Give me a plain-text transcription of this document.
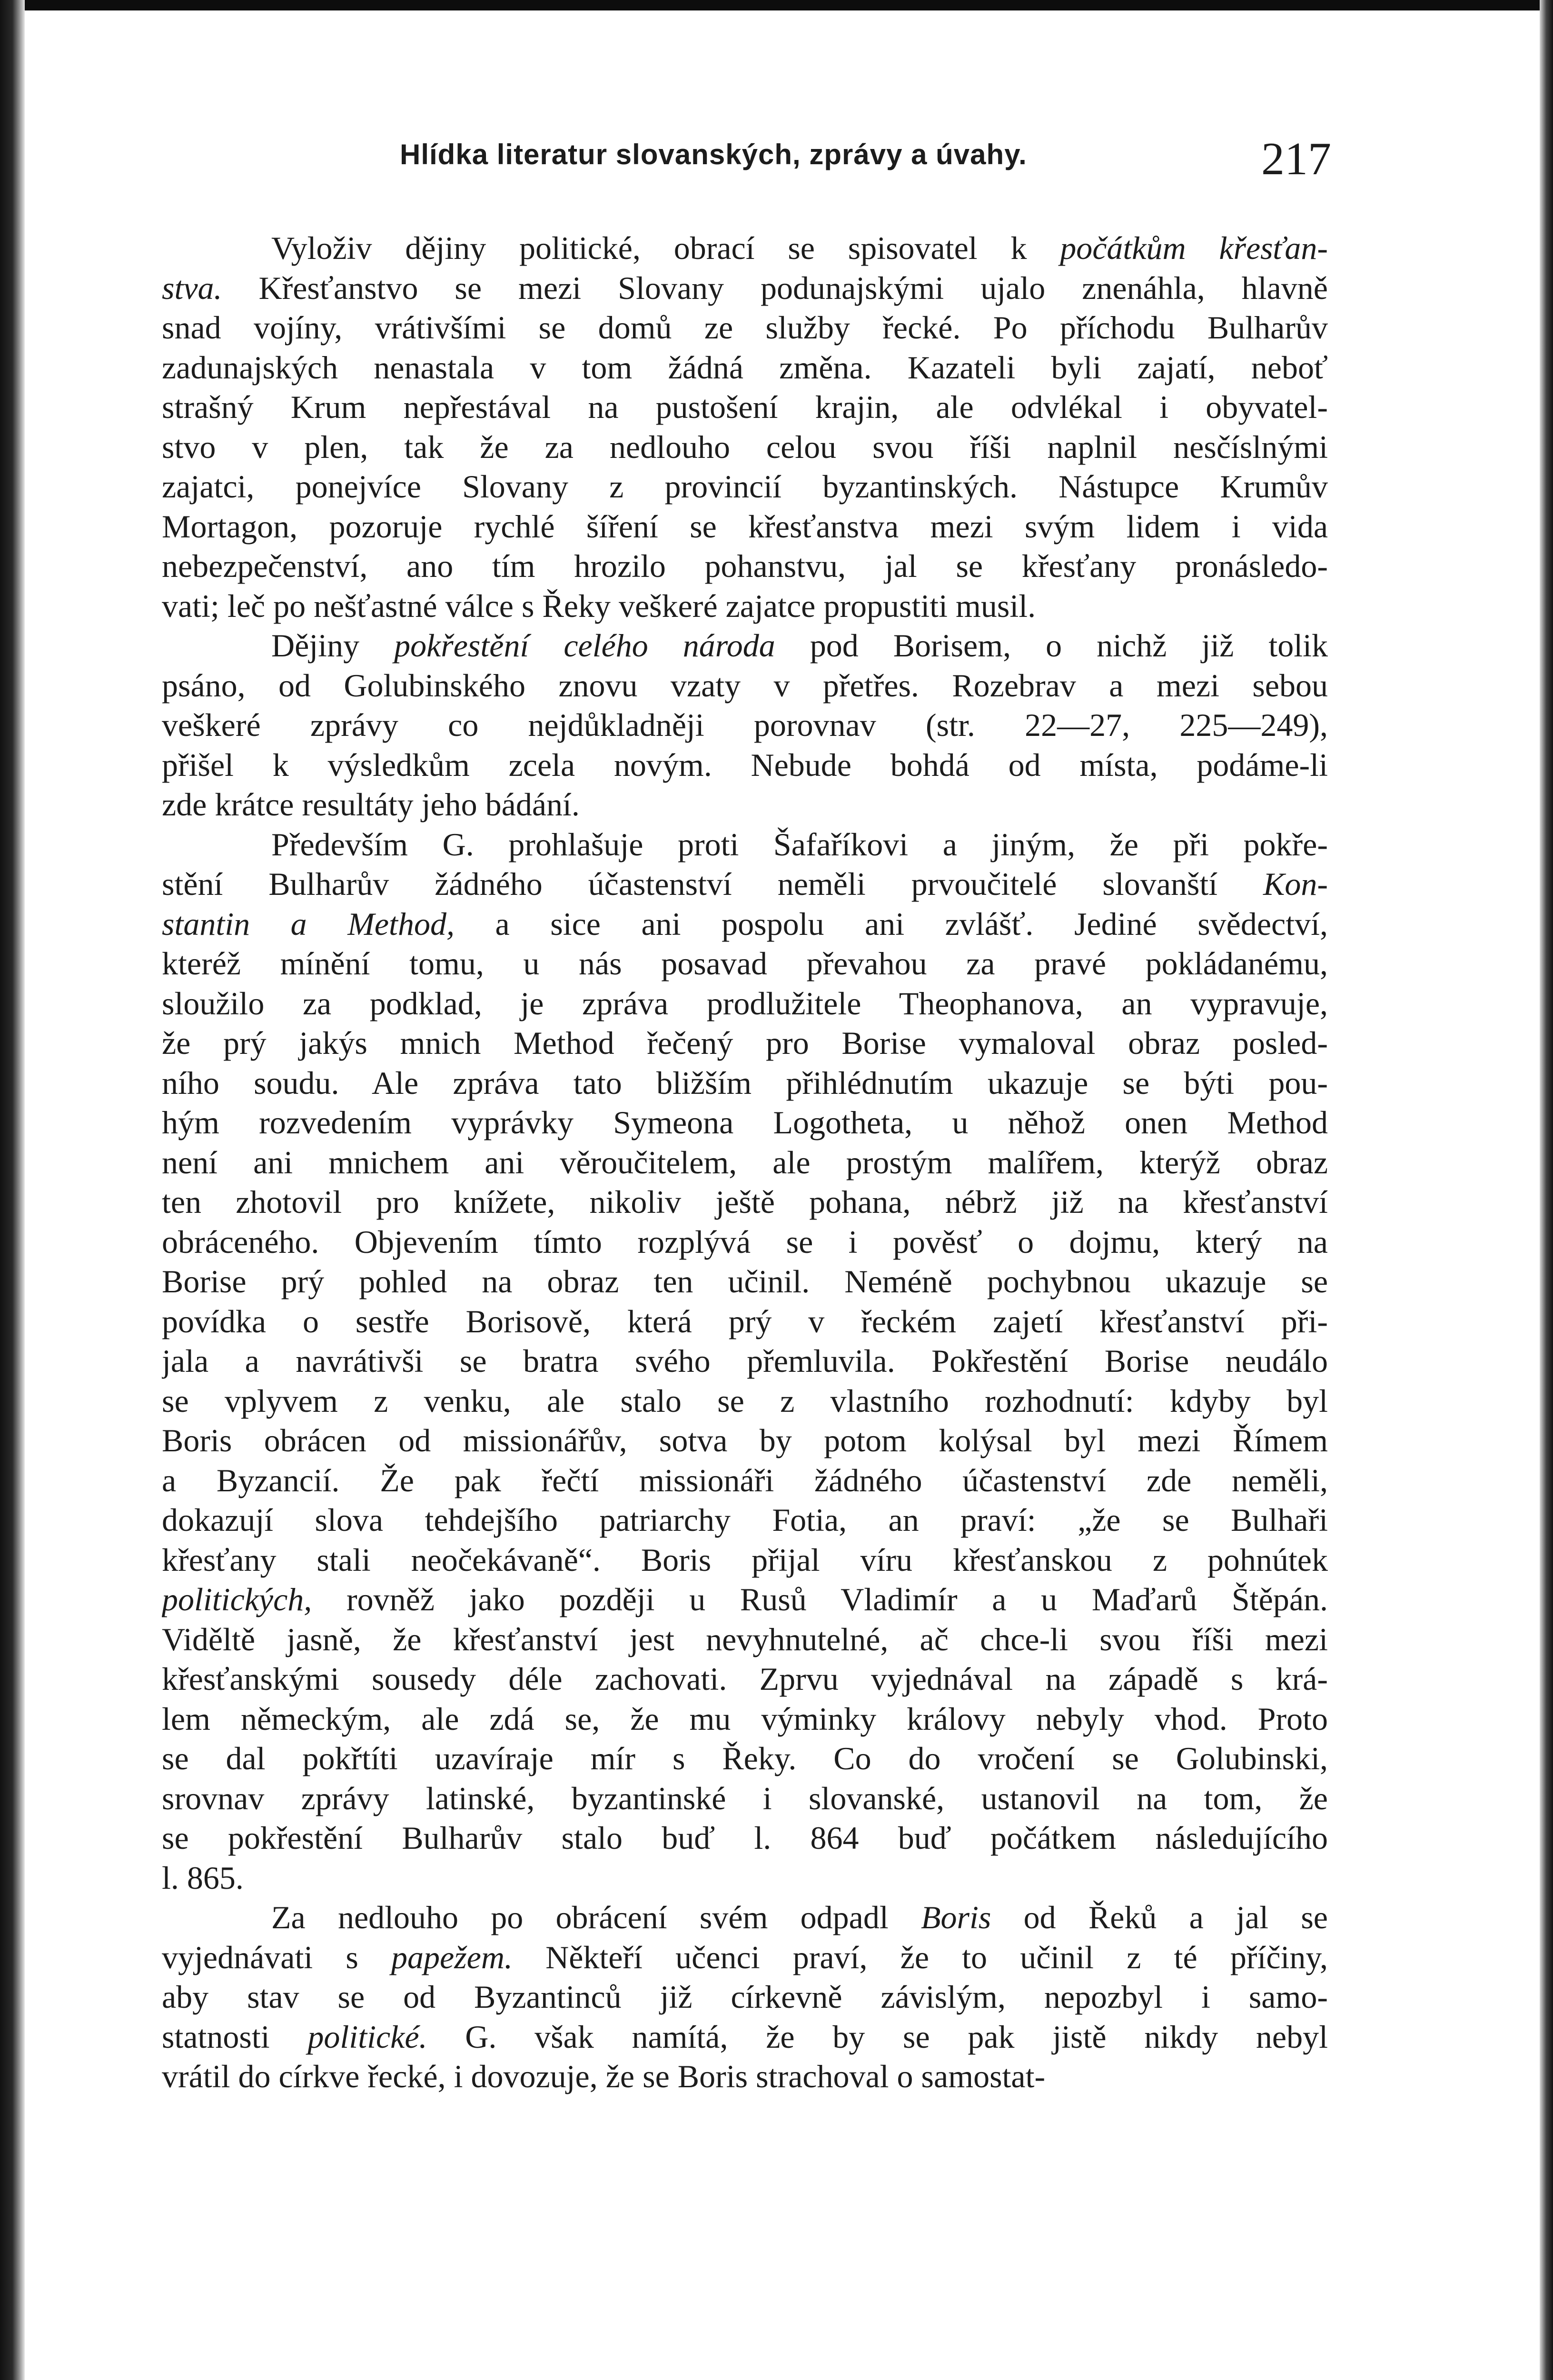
Hlídka literatur slovanských, zprávy a úvahy.	217
Vyloživ dějiny politické, obrací se spisovatel k počátkům křesťan-
stva. Křesťanstvo se mezi Slovany podunajskými ujalo znenáhla, hlavně
snad vojíny, vrátivšími se domů ze služby řecké. Po příchodu Bulharův
zadunajských nenastala v tom žádná změna. Kazateli byli zajatí, neboť
strašný Krum nepřestával na pustošení krajin, ale odvlékal i obyvatel-
stvo v plen, tak že za nedlouho celou svou říši naplnil nesčíslnými
zajatci, ponejvíce Slovany z provincií byzantinských. Nástupce Krumův
Mortagon, pozoruje rychlé šíření se křesťanstva mezi svým lidem i vida
nebezpečenství, ano tím hrozilo pohanstvu, jal se křesťany pronásledo-
vati; leč po nešťastné válce s Řeky veškeré zajatce propustiti musil.
Dějiny pokřestění celého národa pod Borisem, o nichž již tolik
psáno, od Golubinského znovu vzaty v přetřes. Rozebrav a mezi sebou
veškeré zprávy co nejdůkladněji porovnav (str. 22—27, 225—249),
přišel k výsledkům zcela novým. Nebude bohdá od místa, podáme-li
zde krátce resultáty jeho bádání.
Především G. prohlašuje proti Šafaříkovi a jiným, že při pokře-
stění Bulharův žádného účastenství neměli prvoučitelé slovanští Kon-
stantin a Method, a sice ani pospolu ani zvlášť. Jediné svědectví,
kteréž mínění tomu, u nás posavad převahou za pravé pokládanému,
sloužilo za podklad, je zpráva prodlužitele Theophanova, an vypravuje,
že prý jakýs mnich Method řečený pro Borise vymaloval obraz posled-
ního soudu. Ale zpráva tato bližším přihlédnutím ukazuje se býti pou-
hým rozvedením vyprávky Symeona Logotheta, u něhož onen Method
není ani mnichem ani věroučitelem, ale prostým malířem, kterýž obraz
ten zhotovil pro knížete, nikoliv ještě pohana, nébrž již na křesťanství
obráceného. Objevením tímto rozplývá se i pověsť o dojmu, který na
Borise prý pohled na obraz ten učinil. Neméně pochybnou ukazuje se
povídka o sestře Borisově, která prý v řeckém zajetí křesťanství při-
jala a navrátivši se bratra svého přemluvila. Pokřestění Borise neudálo
se vplyvem z venku, ale stalo se z vlastního rozhodnutí: kdyby byl
Boris obrácen od missionářův, sotva by potom kolýsal byl mezi Římem
a Byzancií. Že pak řečtí missionáři žádného účastenství zde neměli,
dokazují slova tehdejšího patriarchy Fotia, an praví: „že se Bulhaři
křesťany stali neočekávaně“. Boris přijal víru křesťanskou z pohnútek
politických, rovněž jako později u Rusů Vladimír a u Maďarů Štěpán.
Viděltě jasně, že křesťanství jest nevyhnutelné, ač chce-li svou říši mezi
křesťanskými sousedy déle zachovati. Zprvu vyjednával na západě s krá-
lem německým, ale zdá se, že mu výminky královy nebyly vhod. Proto
se dal pokřtíti uzavíraje mír s Řeky. Co do vročení se Golubinski,
srovnav zprávy latinské, byzantinské i slovanské, ustanovil na tom, že
se pokřestění Bulharův stalo buď l. 864 buď počátkem následujícího
l. 865.
Za nedlouho po obrácení svém odpadl Boris od Řeků a jal se
vyjednávati s papežem. Někteří učenci praví, že to učinil z té příčiny,
aby stav se od Byzantinců již církevně závislým, nepozbyl i samo-
statnosti politické. G. však namítá, že by se pak jistě nikdy nebyl
vrátil do církve řecké, i dovozuje, že se Boris strachoval o samostat-
